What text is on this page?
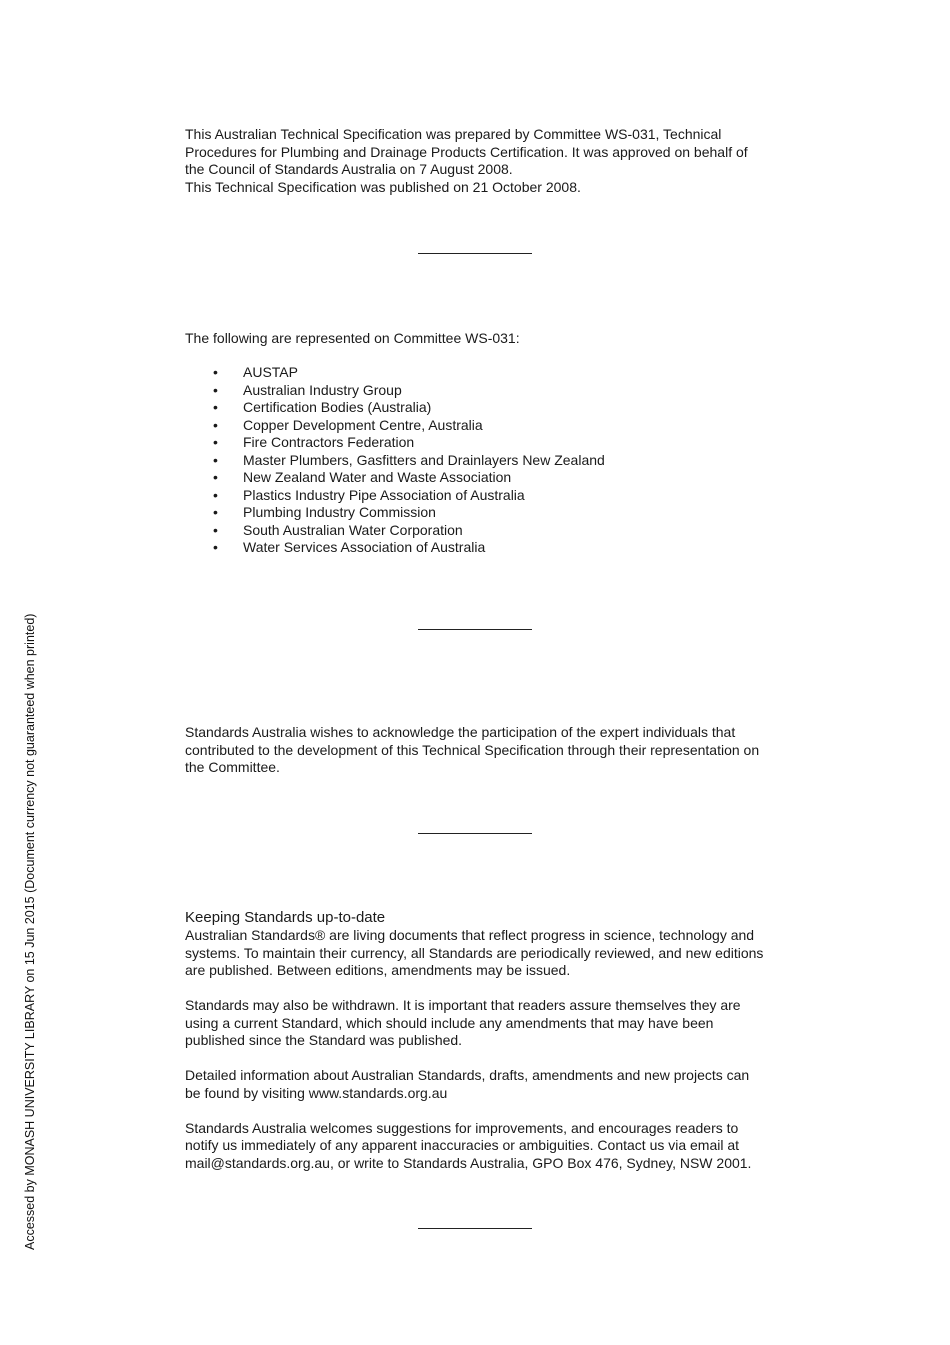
This Australian Technical Specification was prepared by Committee WS-031, Technical
Procedures for Plumbing and Drainage Products Certification. It was approved on behalf of
the Council of Standards Australia on 7 August 2008.
This Technical Specification was published on 21 October 2008.
The following are represented on Committee WS-031:
• AUSTAP
• Australian Industry Group
• Certification Bodies (Australia)
• Copper Development Centre, Australia
• Fire Contractors Federation
• Master Plumbers, Gasfitters and Drainlayers New Zealand
• New Zealand Water and Waste Association
• Plastics Industry Pipe Association of Australia
• Plumbing Industry Commission
• South Australian Water Corporation
• Water Services Association of Australia
Standards Australia wishes to acknowledge the participation of the expert individuals that
contributed to the development of this Technical Specification through their representation on
the Committee.
Keeping Standards up-to-date
Australian Standards® are living documents that reflect progress in science, technology and
systems. To maintain their currency, all Standards are periodically reviewed, and new editions
are published. Between editions, amendments may be issued.
Standards may also be withdrawn. It is important that readers assure themselves they are
using a current Standard, which should include any amendments that may have been
published since the Standard was published.
Detailed information about Australian Standards, drafts, amendments and new projects can
be found by visiting www.standards.org.au
Standards Australia welcomes suggestions for improvements, and encourages readers to
notify us immediately of any apparent inaccuracies or ambiguities. Contact us via email at
mail@standards.org.au, or write to Standards Australia, GPO Box 476, Sydney, NSW 2001.
Accessed by MONASH UNIVERSITY LIBRARY on 15 Jun 2015 (Document currency not guaranteed when printed)
